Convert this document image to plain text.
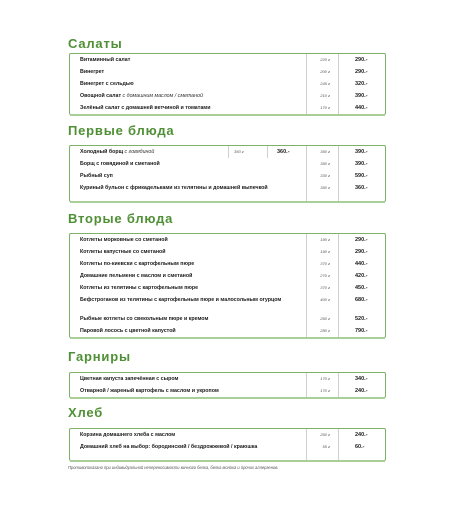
Салаты
Витаминный салат	220 г	290.-
Винегрет	200 г	290.-
Винегрет с сельдью	245 г	320.-
Овощной салат с домашним маслом / сметаной	210 г	390.-
Зелёный салат с домашней ветчиной и томатами	170 г	440.-
Первые блюда
Холодный борщ с говядиной	350 г	360.-	350 г	390.-
Борщ с говядиной и сметаной	350 г	390.-
Рыбный суп	330 г	590.-
Куриный бульон с фрикадельками из телятины и домашней выпечкой	350 г	360.-
Вторые блюда
Котлеты морковные со сметаной	190 г	290.-
Котлеты капустные со сметаной	190 г	290.-
Котлеты по-киевски с картофельным пюре	370 г	440.-
Домашние пельмени с маслом и сметаной	270 г	420.-
Котлеты из телятины с картофельным пюре	370 г	450.-
Бефстроганов из телятины с картофельным пюре и малосольным огурцом	400 г	680.-
Рыбные котлеты со свекольным пюре и кремом	260 г	520.-
Паровой лосось с цветной капустой	280 г	790.-
Гарниры
Цветная капуста запечённая с сыром	170 г	340.-
Отварной / жареный картофель с маслом и укропом	170 г	240.-
Хлеб
Корзина домашнего хлеба с маслом	260 г	240.-
Домашний хлеб на выбор: бородинский / бездрожжевой / краюшка	55 г	60.-
Противопоказано при индивидуальной непереносимости вичного белка, белка молока и прочих аллергенов.
